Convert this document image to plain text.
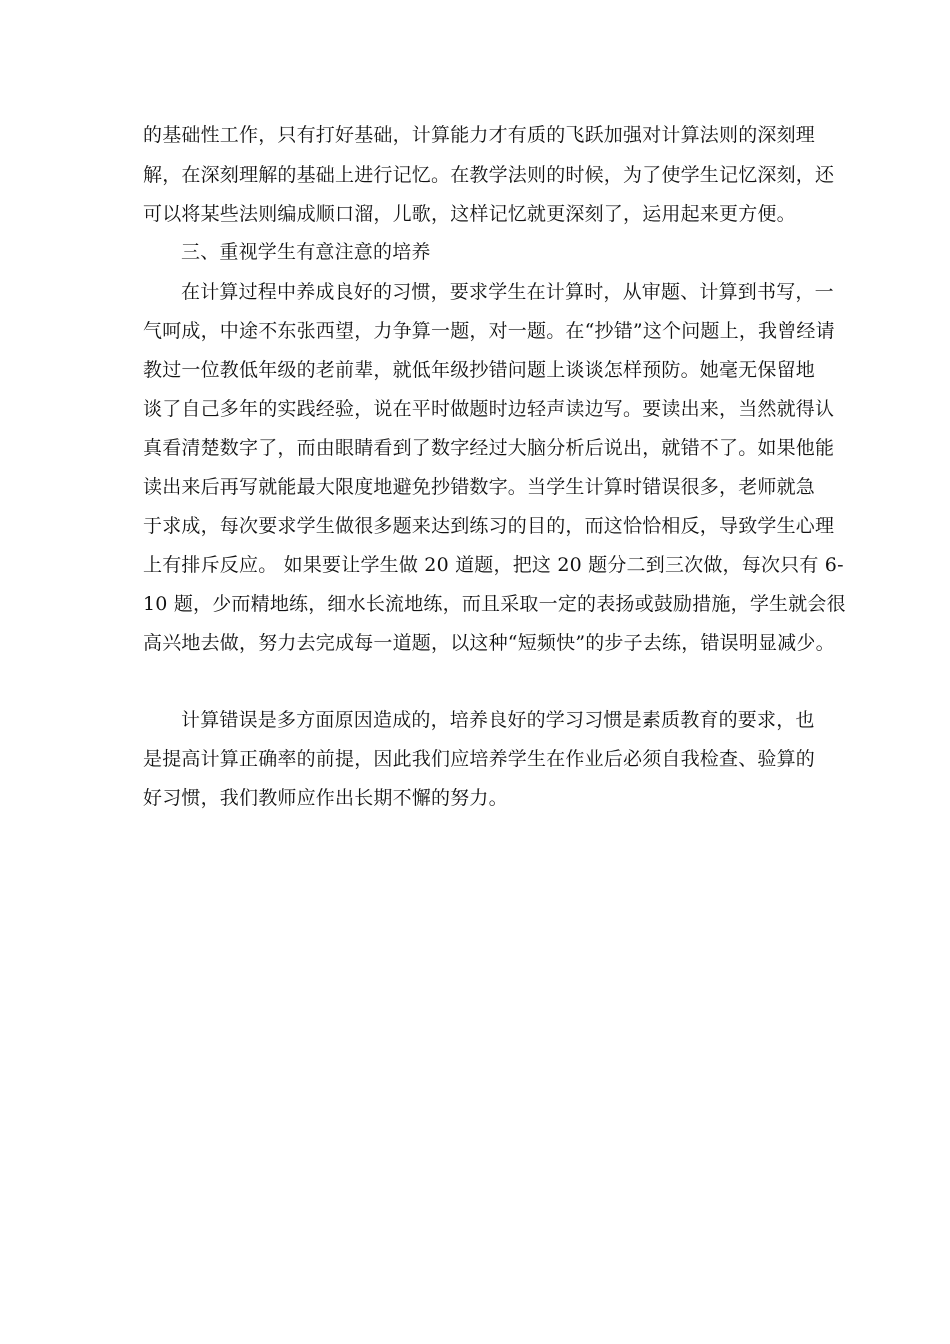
的基础性工作，只有打好基础，计算能力才有质的飞跃加强对计算法则的深刻理
解，在深刻理解的基础上进行记忆。在教学法则的时候，为了使学生记忆深刻，还
可以将某些法则编成顺口溜，儿歌，这样记忆就更深刻了，运用起来更方便。
三、重视学生有意注意的培养
在计算过程中养成良好的习惯，要求学生在计算时，从审题、计算到书写，一
气呵成，中途不东张西望，力争算一题，对一题。在“抄错”这个问题上，我曾经请
教过一位教低年级的老前辈，就低年级抄错问题上谈谈怎样预防。她毫无保留地
谈了自己多年的实践经验，说在平时做题时边轻声读边写。要读出来，当然就得认
真看清楚数字了，而由眼睛看到了数字经过大脑分析后说出，就错不了。如果他能
读出来后再写就能最大限度地避免抄错数字。当学生计算时错误很多，老师就急
于求成，每次要求学生做很多题来达到练习的目的，而这恰恰相反，导致学生心理
上有排斥反应。 如果要让学生做 20 道题，把这 20 题分二到三次做，每次只有 6-
10 题，少而精地练，细水长流地练，而且采取一定的表扬或鼓励措施，学生就会很
高兴地去做，努力去完成每一道题，以这种“短频快”的步子去练，错误明显减少。
计算错误是多方面原因造成的，培养良好的学习习惯是素质教育的要求，也
是提高计算正确率的前提，因此我们应培养学生在作业后必须自我检查、验算的
好习惯，我们教师应作出长期不懈的努力。
